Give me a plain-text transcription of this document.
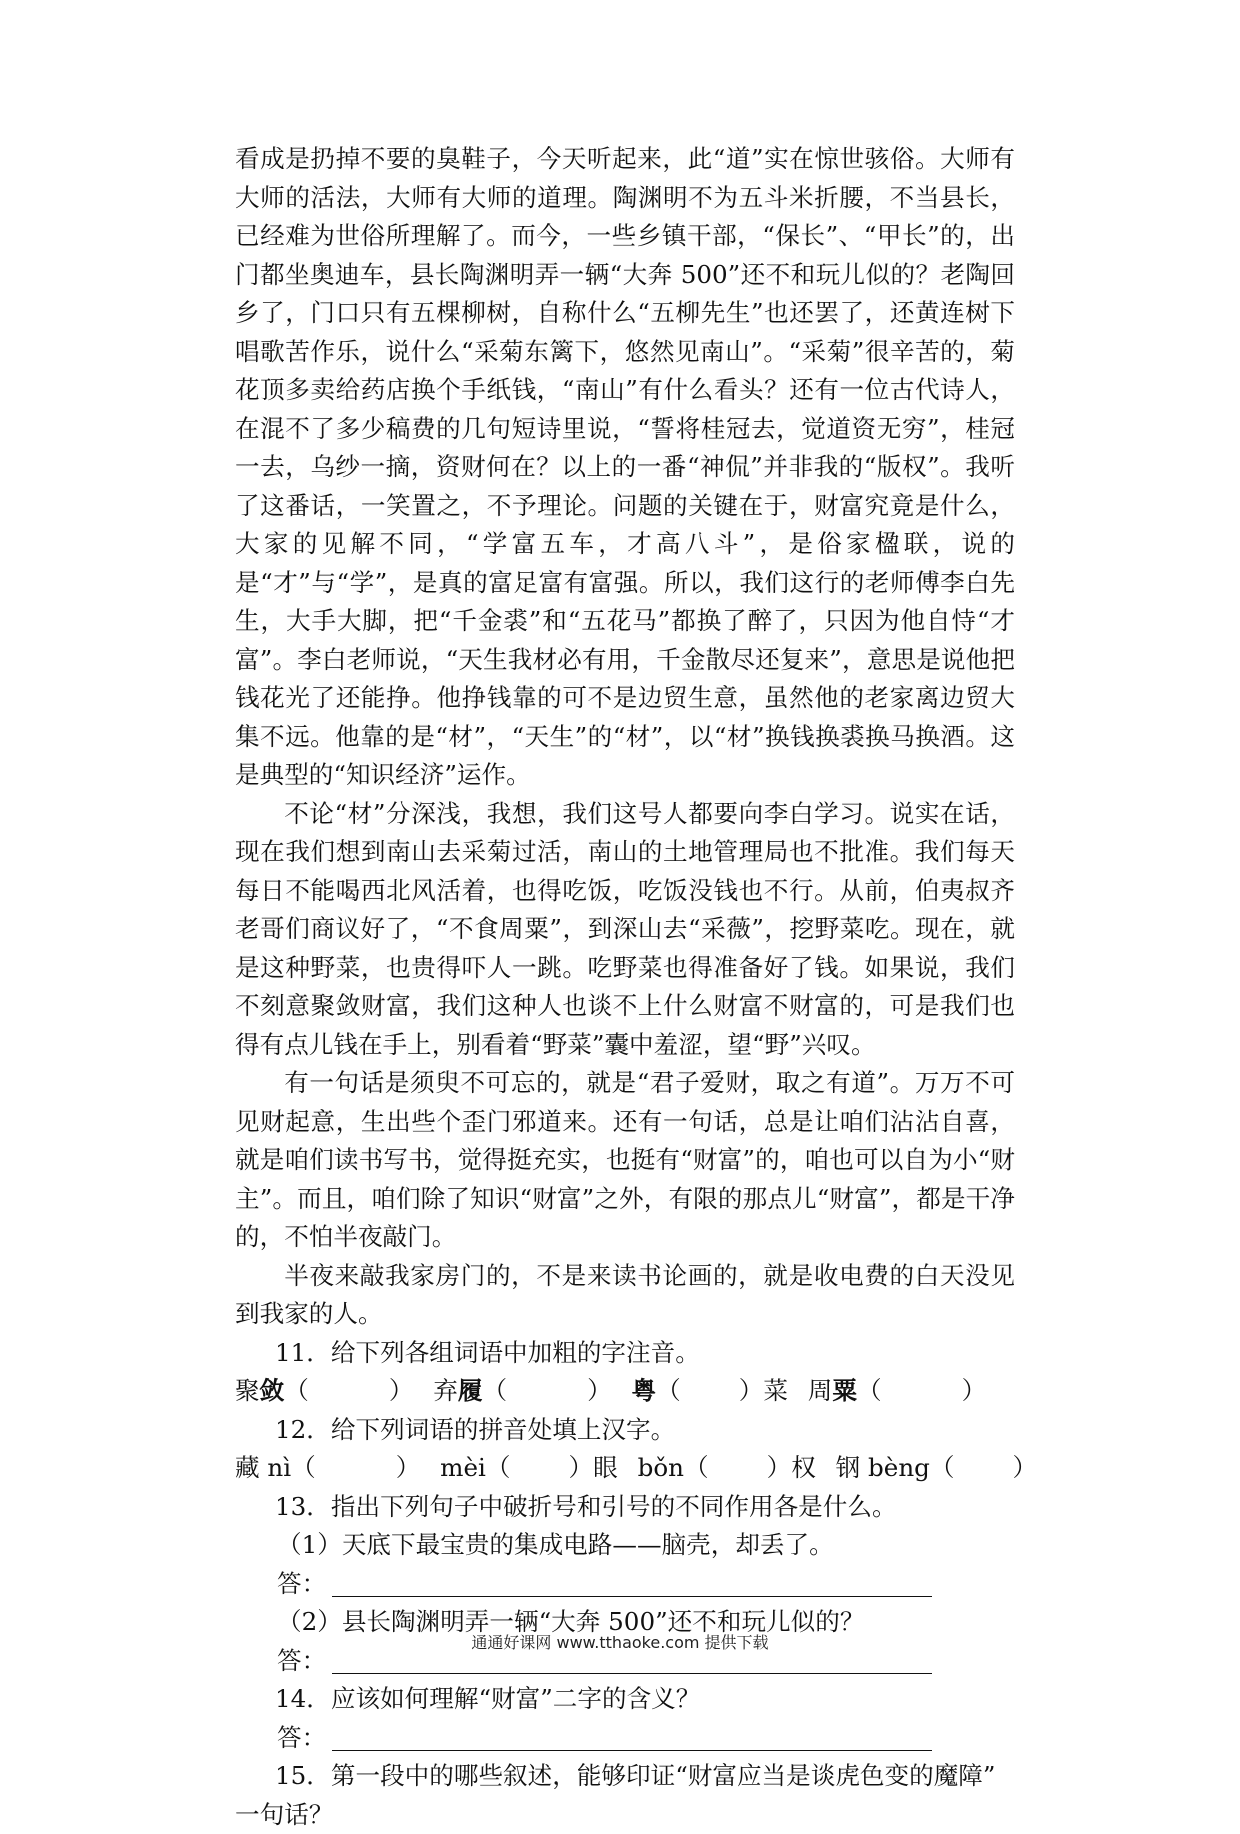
看成是扔掉不要的臭鞋子，今天听起来，此“道”实在惊世骇俗。大师有大师的活法，大师有大师的道理。陶渊明不为五斗米折腰，不当县长，已经难为世俗所理解了。而今，一些乡镇干部，“保长”、“甲长”的，出门都坐奥迪车，县长陶渊明弄一辆“大奔 500”还不和玩儿似的？老陶回乡了，门口只有五棵柳树，自称什么“五柳先生”也还罢了，还黄连树下唱歌苦作乐，说什么“采菊东篱下，悠然见南山”。“采菊”很辛苦的，菊花顶多卖给药店换个手纸钱，“南山”有什么看头？还有一位古代诗人，在混不了多少稿费的几句短诗里说，“誓将桂冠去，觉道资无穷”，桂冠一去，乌纱一摘，资财何在？以上的一番“神侃”并非我的“版权”。我听了这番话，一笑置之，不予理论。问题的关键在于，财富究竟是什么，大家的见解不同，“学富五车，才高八斗”，是俗家楹联，说的是“才”与“学”，是真的富足富有富强。所以，我们这行的老师傅李白先生，大手大脚，把“千金裘”和“五花马”都换了醉了，只因为他自恃“才富”。李白老师说，“天生我材必有用，千金散尽还复来”，意思是说他把钱花光了还能挣。他挣钱靠的可不是边贸生意，虽然他的老家离边贸大集不远。他靠的是“材”，“天生”的“材”，以“材”换钱换裘换马换酒。这是典型的“知识经济”运作。

不论“材”分深浅，我想，我们这号人都要向李白学习。说实在话，现在我们想到南山去采菊过活，南山的土地管理局也不批准。我们每天每日不能喝西北风活着，也得吃饭，吃饭没钱也不行。从前，伯夷叔齐老哥们商议好了，“不食周粟”，到深山去“采薇”，挖野菜吃。现在，就是这种野菜，也贵得吓人一跳。吃野菜也得准备好了钱。如果说，我们不刻意聚敛财富，我们这种人也谈不上什么财富不财富的，可是我们也得有点儿钱在手上，别看着“野菜”囊中羞涩，望“野”兴叹。

有一句话是须臾不可忘的，就是“君子爱财，取之有道”。万万不可见财起意，生出些个歪门邪道来。还有一句话，总是让咱们沾沾自喜，就是咱们读书写书，觉得挺充实，也挺有“财富”的，咱也可以自为小“财主”。而且，咱们除了知识“财富”之外，有限的那点儿“财富”，都是干净的，不怕半夜敲门。

半夜来敲我家房门的，不是来读书论画的，就是收电费的白天没见到我家的人。

11．给下列各组词语中加粗的字注音。

聚敛（	） 弃履（	） 粤（ ）菜 周粟（	）

12．给下列词语的拼音处填上汉字。

藏 nì（	） mèi（ ）眼 bǒn（ ）权 钢 bèng（ ）

13．指出下列句子中破折号和引号的不同作用各是什么。

（1）天底下最宝贵的集成电路——脑壳，却丢了。

答：

（2）县长陶渊明弄一辆“大奔 500”还不和玩儿似的？

答：

14．应该如何理解“财富”二字的含义？

答：

15．第一段中的哪些叙述，能够印证“财富应当是谈虎色变的魔障”

一句话？

通通好课网 www.tthaoke.com 提供下载
